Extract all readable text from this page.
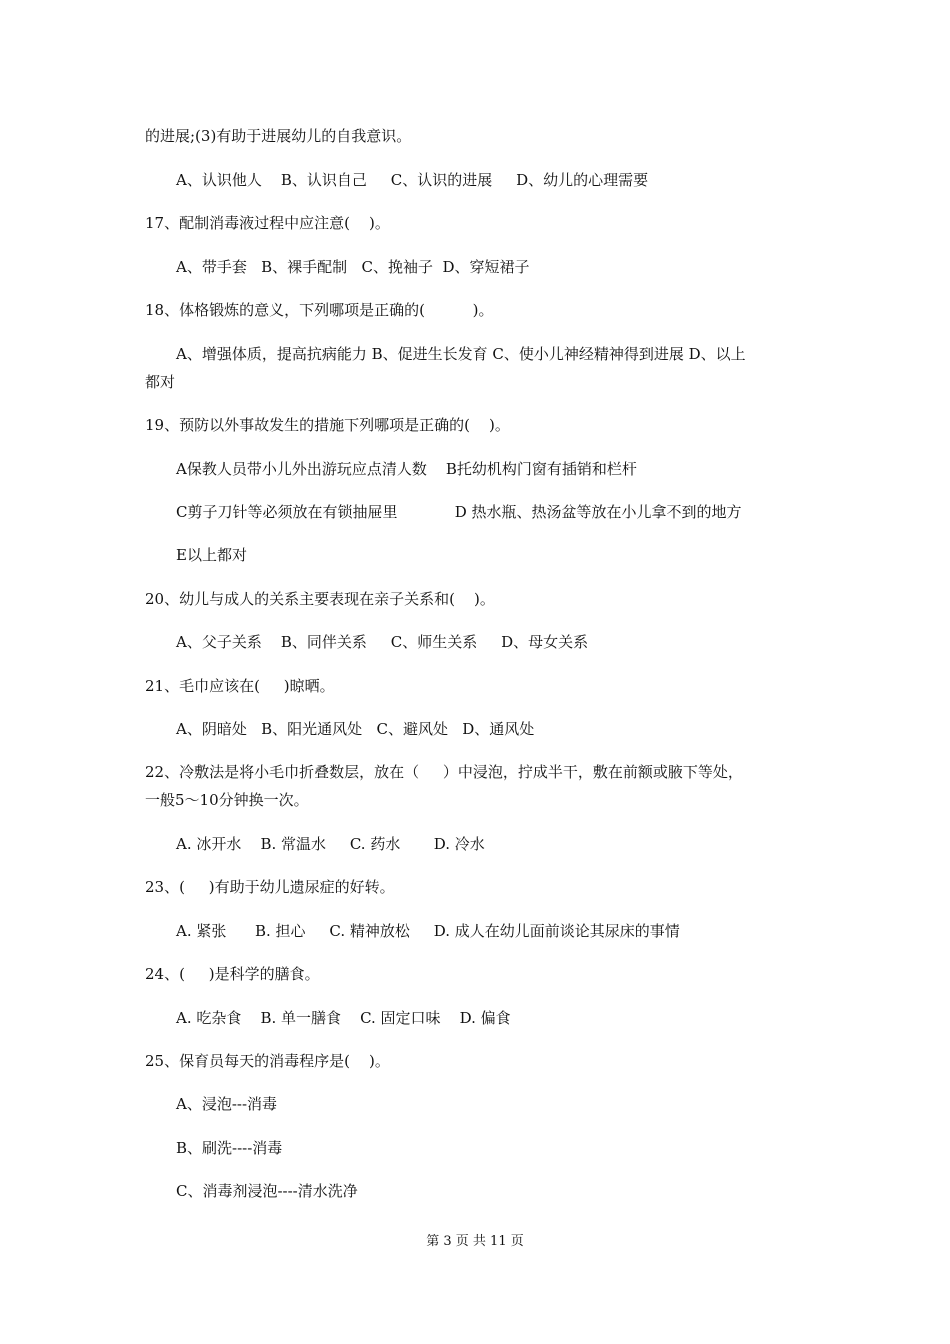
的进展;(3)有助于进展幼儿的自我意识。
A、认识他人    B、认识自己     C、认识的进展     D、幼儿的心理需要
17、配制消毒液过程中应注意(    )。
A、带手套   B、裸手配制   C、挽袖子  D、穿短裙子
18、体格锻炼的意义，下列哪项是正确的(          )。
A、增强体质，提高抗病能力 B、促进生长发育 C、使小儿神经精神得到进展 D、以上
都对
19、预防以外事故发生的措施下列哪项是正确的(    )。
A保教人员带小儿外出游玩应点清人数    B托幼机构门窗有插销和栏杆
C剪子刀针等必须放在有锁抽屉里            D 热水瓶、热汤盆等放在小儿拿不到的地方
E以上都对
20、幼儿与成人的关系主要表现在亲子关系和(    )。
A、父子关系    B、同伴关系     C、师生关系     D、母女关系
21、毛巾应该在(     )晾晒。
A、阴暗处   B、阳光通风处   C、避风处   D、通风处
22、冷敷法是将小毛巾折叠数层，放在（     ）中浸泡，拧成半干，敷在前额或腋下等处，
一般5～10分钟换一次。
A. 冰开水    B. 常温水     C. 药水       D. 冷水
23、(     )有助于幼儿遗尿症的好转。
A. 紧张      B. 担心     C. 精神放松     D. 成人在幼儿面前谈论其尿床的事情
24、(     )是科学的膳食。
A. 吃杂食    B. 单一膳食    C. 固定口味    D. 偏食
25、保育员每天的消毒程序是(    )。
A、浸泡---消毒
B、刷洗----消毒
C、消毒剂浸泡----清水洗净
第 3 页 共 11 页
